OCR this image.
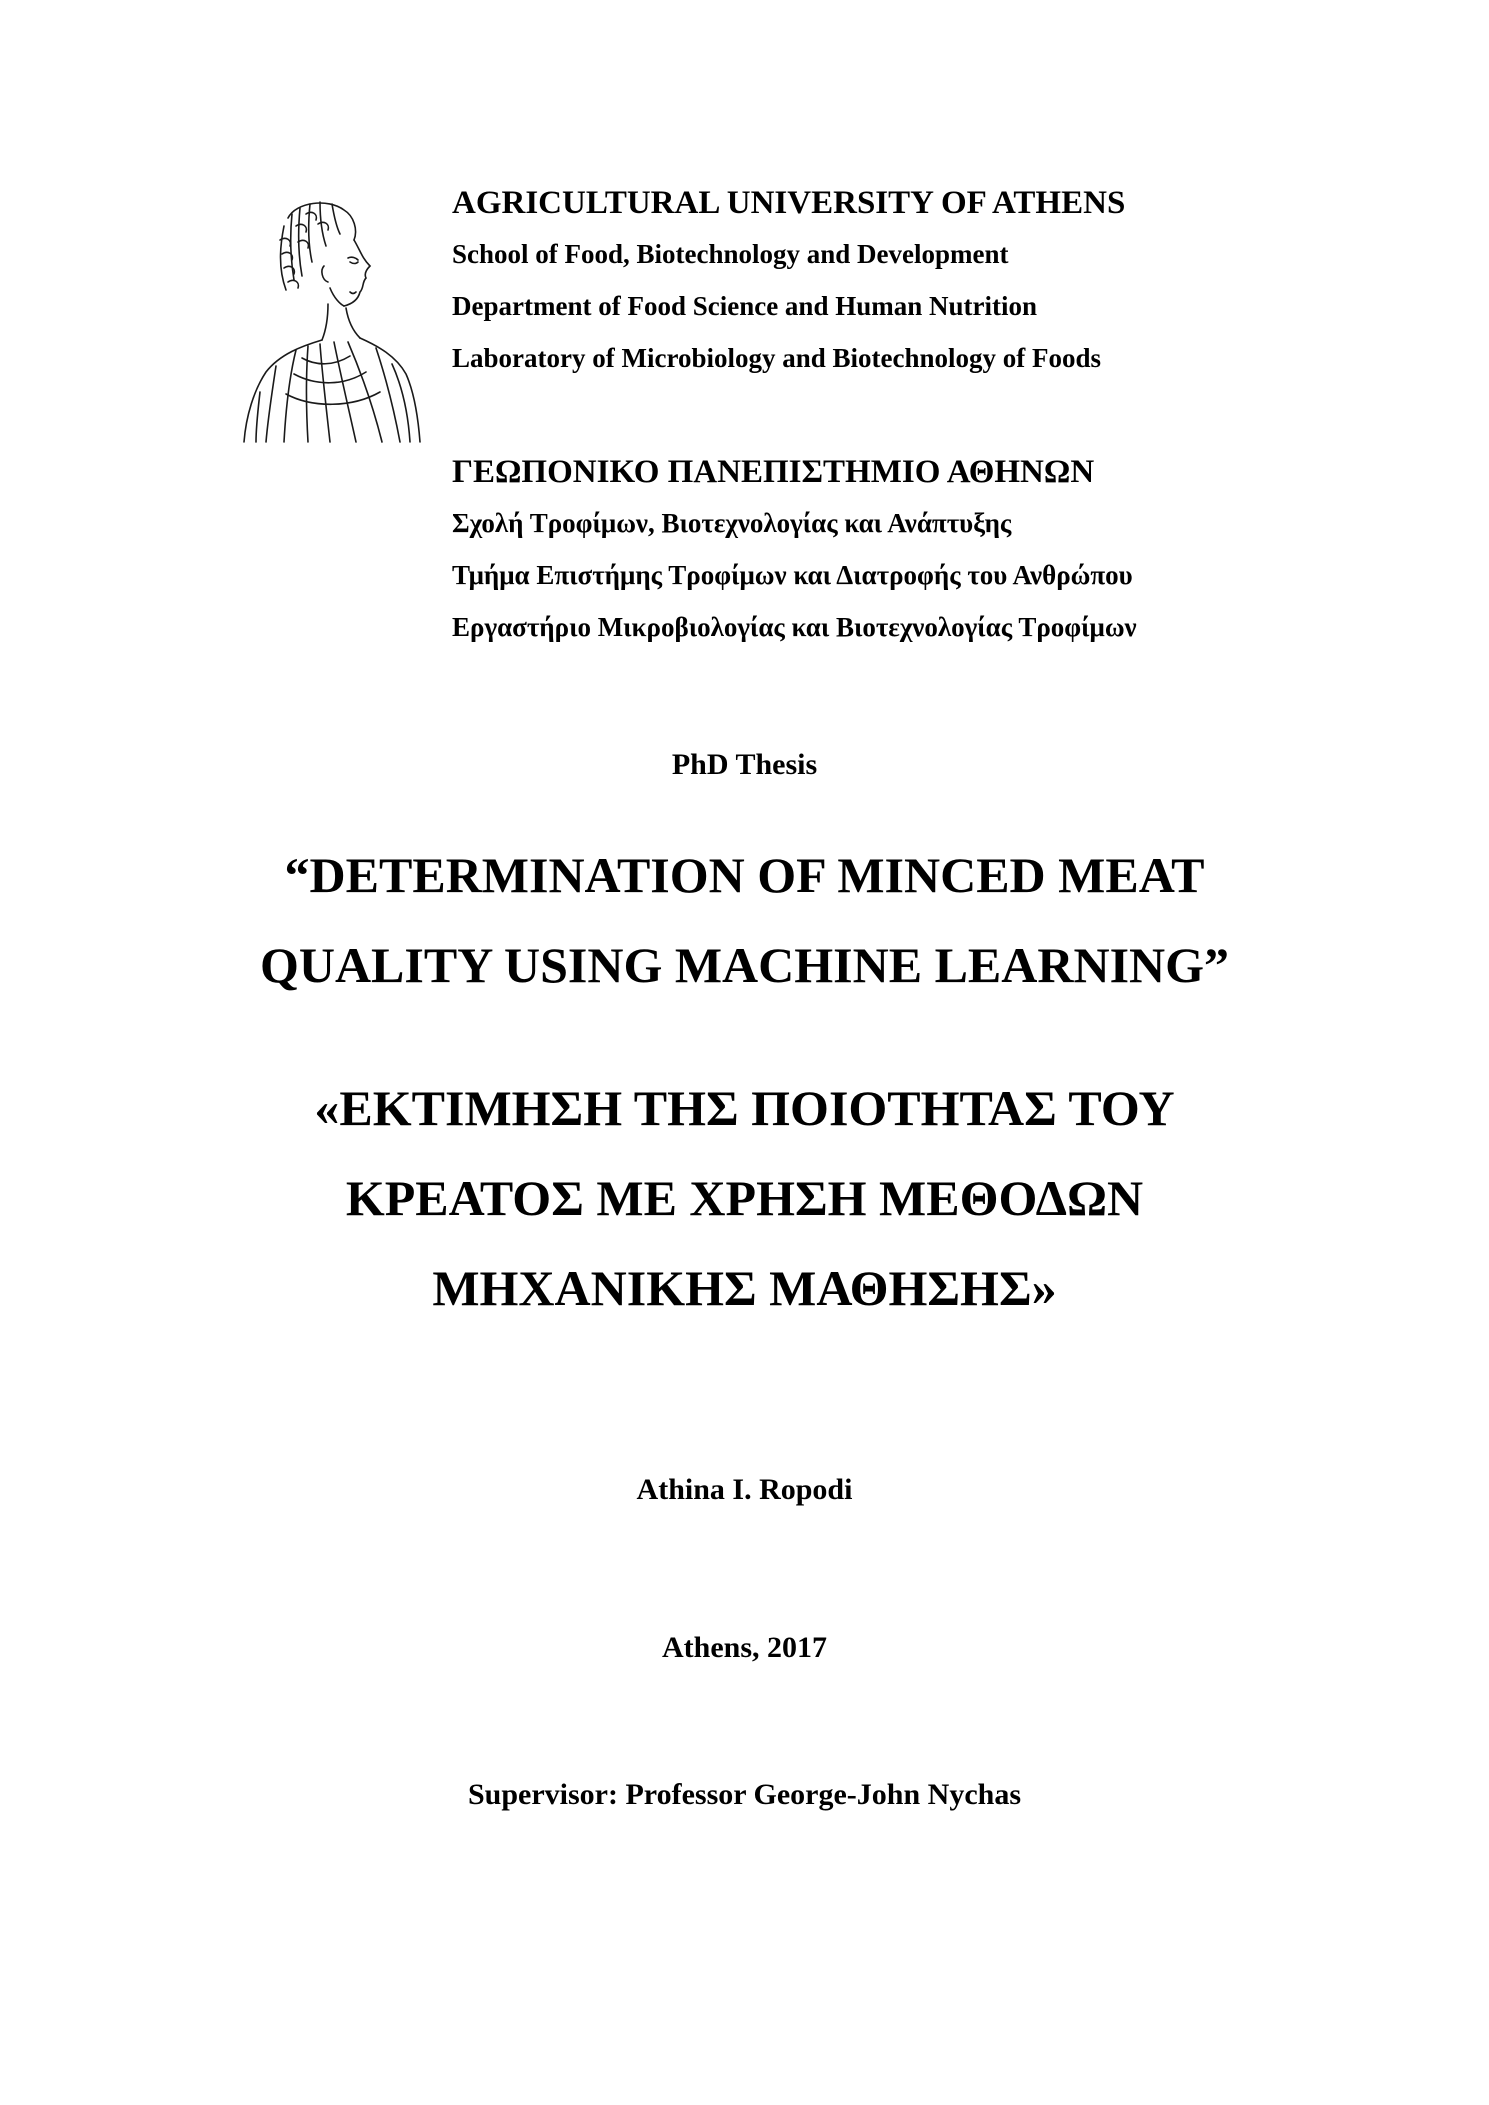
AGRICULTURAL UNIVERSITY OF ATHENS

School of Food, Biotechnology and Development

Department of Food Science and Human Nutrition

Laboratory of Microbiology and Biotechnology of Foods

ΓΕΩΠΟΝΙΚΟ ΠΑΝΕΠΙΣΤΗΜΙΟ ΑΘΗΝΩΝ

Σχολή Τροφίμων, Βιοτεχνολογίας και Ανάπτυξης

Τμήμα Επιστήμης Τροφίμων και Διατροφής του Ανθρώπου

Εργαστήριο Μικροβιολογίας και Βιοτεχνολογίας Τροφίμων

PhD Thesis

“DETERMINATION OF MINCED MEAT
QUALITY USING MACHINE LEARNING”
«ΕΚΤΙΜΗΣΗ ΤΗΣ ΠΟΙΟΤΗΤΑΣ ΤΟΥ
ΚΡΕΑΤΟΣ ΜΕ ΧΡΗΣΗ ΜΕΘΟΔΩΝ
ΜΗΧΑΝΙΚΗΣ ΜΑΘΗΣΗΣ»

Athina I. Ropodi

Athens, 2017

Supervisor: Professor George-John Nychas
